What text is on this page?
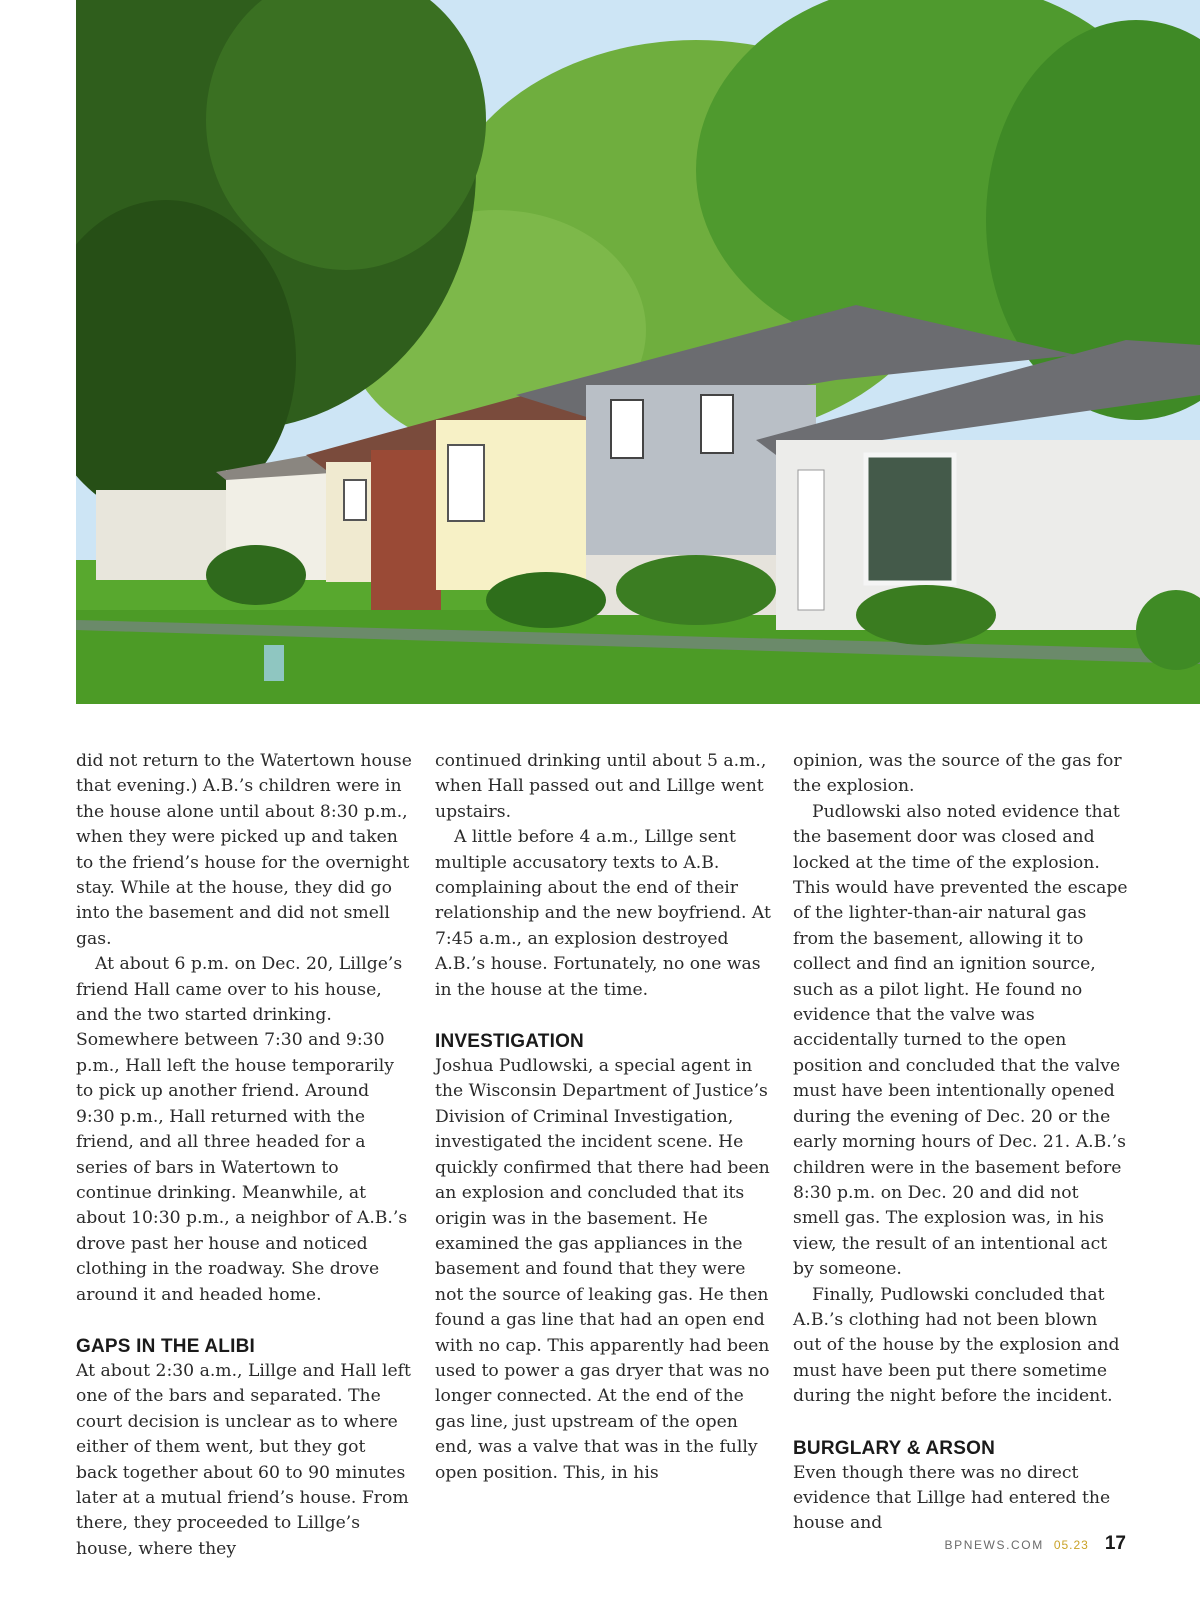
did not return to the Watertown house that evening.) A.B.’s children were in the house alone until about 8:30 p.m., when they were picked up and taken to the friend’s house for the overnight stay. While at the house, they did go into the basement and did not smell gas.

At about 6 p.m. on Dec. 20, Lillge’s friend Hall came over to his house, and the two started drinking. Somewhere between 7:30 and 9:30 p.m., Hall left the house temporarily to pick up another friend. Around 9:30 p.m., Hall returned with the friend, and all three headed for a series of bars in Watertown to continue drinking. Meanwhile, at about 10:30 p.m., a neighbor of A.B.’s drove past her house and noticed clothing in the roadway. She drove around it and headed home.

GAPS IN THE ALIBI

At about 2:30 a.m., Lillge and Hall left one of the bars and separated. The court decision is unclear as to where either of them went, but they got back together about 60 to 90 minutes later at a mutual friend’s house. From there, they proceeded to Lillge’s house, where they

continued drinking until about 5 a.m., when Hall passed out and Lillge went upstairs.

A little before 4 a.m., Lillge sent multiple accusatory texts to A.B. complaining about the end of their relationship and the new boyfriend. At 7:45 a.m., an explosion destroyed A.B.’s house. Fortunately, no one was in the house at the time.

INVESTIGATION

Joshua Pudlowski, a special agent in the Wisconsin Department of Justice’s Division of Criminal Investigation, investigated the incident scene. He quickly confirmed that there had been an explosion and concluded that its origin was in the basement. He examined the gas appliances in the basement and found that they were not the source of leaking gas. He then found a gas line that had an open end with no cap. This apparently had been used to power a gas dryer that was no longer connected. At the end of the gas line, just upstream of the open end, was a valve that was in the fully open position. This, in his

opinion, was the source of the gas for the explosion.

Pudlowski also noted evidence that the basement door was closed and locked at the time of the explosion. This would have prevented the escape of the lighter-than-air natural gas from the basement, allowing it to collect and find an ignition source, such as a pilot light. He found no evidence that the valve was accidentally turned to the open position and concluded that the valve must have been intentionally opened during the evening of Dec. 20 or the early morning hours of Dec. 21. A.B.’s children were in the basement before 8:30 p.m. on Dec. 20 and did not smell gas. The explosion was, in his view, the result of an intentional act by someone.

Finally, Pudlowski concluded that A.B.’s clothing had not been blown out of the house by the explosion and must have been put there sometime during the night before the incident.

BURGLARY & ARSON

Even though there was no direct evidence that Lillge had entered the house and

BPNEWS.COM 05.23 17
